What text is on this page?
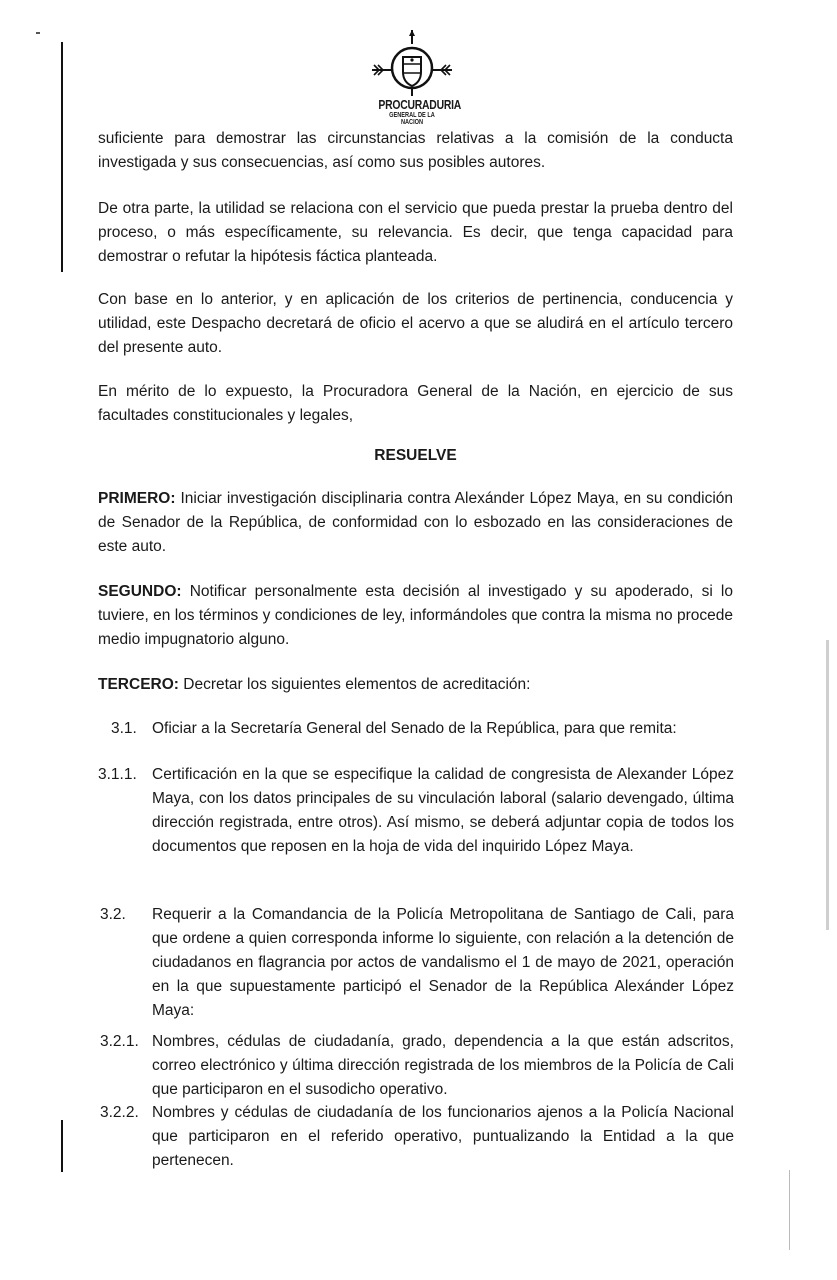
PROCURADURIA
GENERAL DE LA NACION
suficiente para demostrar las circunstancias relativas a la comisión de la conducta investigada y sus consecuencias, así como sus posibles autores.
De otra parte, la utilidad se relaciona con el servicio que pueda prestar la prueba dentro del proceso, o más específicamente, su relevancia. Es decir, que tenga capacidad para demostrar o refutar la hipótesis fáctica planteada.
Con base en lo anterior, y en aplicación de los criterios de pertinencia, conducencia y utilidad, este Despacho decretará de oficio el acervo a que se aludirá en el artículo tercero del presente auto.
En mérito de lo expuesto, la Procuradora General de la Nación, en ejercicio de sus facultades constitucionales y legales,
RESUELVE
PRIMERO: Iniciar investigación disciplinaria contra Alexánder López Maya, en su condición de Senador de la República, de conformidad con lo esbozado en las consideraciones de este auto.
SEGUNDO: Notificar personalmente esta decisión al investigado y su apoderado, si lo tuviere, en los términos y condiciones de ley, informándoles que contra la misma no procede medio impugnatorio alguno.
TERCERO: Decretar los siguientes elementos de acreditación:
3.1. Oficiar a la Secretaría General del Senado de la República, para que remita:
3.1.1. Certificación en la que se especifique la calidad de congresista de Alexander López Maya, con los datos principales de su vinculación laboral (salario devengado, última dirección registrada, entre otros). Así mismo, se deberá adjuntar copia de todos los documentos que reposen en la hoja de vida del inquirido López Maya.
3.2. Requerir a la Comandancia de la Policía Metropolitana de Santiago de Cali, para que ordene a quien corresponda informe lo siguiente, con relación a la detención de ciudadanos en flagrancia por actos de vandalismo el 1 de mayo de 2021, operación en la que supuestamente participó el Senador de la República Alexánder López Maya:
3.2.1. Nombres, cédulas de ciudadanía, grado, dependencia a la que están adscritos, correo electrónico y última dirección registrada de los miembros de la Policía de Cali que participaron en el susodicho operativo.
3.2.2. Nombres y cédulas de ciudadanía de los funcionarios ajenos a la Policía Nacional que participaron en el referido operativo, puntualizando la Entidad a la que pertenecen.
